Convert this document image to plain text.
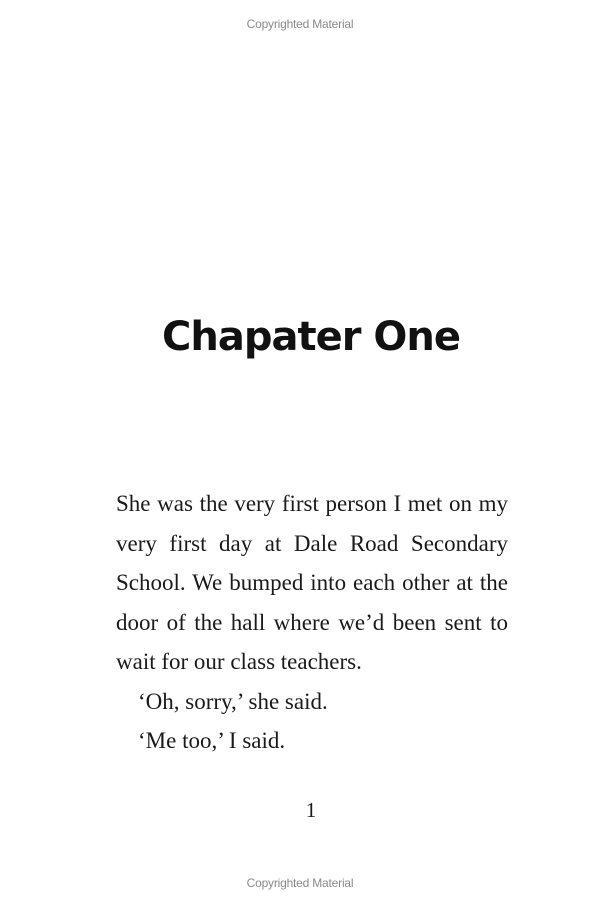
Copyrighted Material
Chapater One

She was the very first person I met on my very first day at Dale Road Secondary School. We bumped into each other at the door of the hall where we’d been sent to wait for our class teachers.

‘Oh, sorry,’ she said.

‘Me too,’ I said.

1
Copyrighted Material
